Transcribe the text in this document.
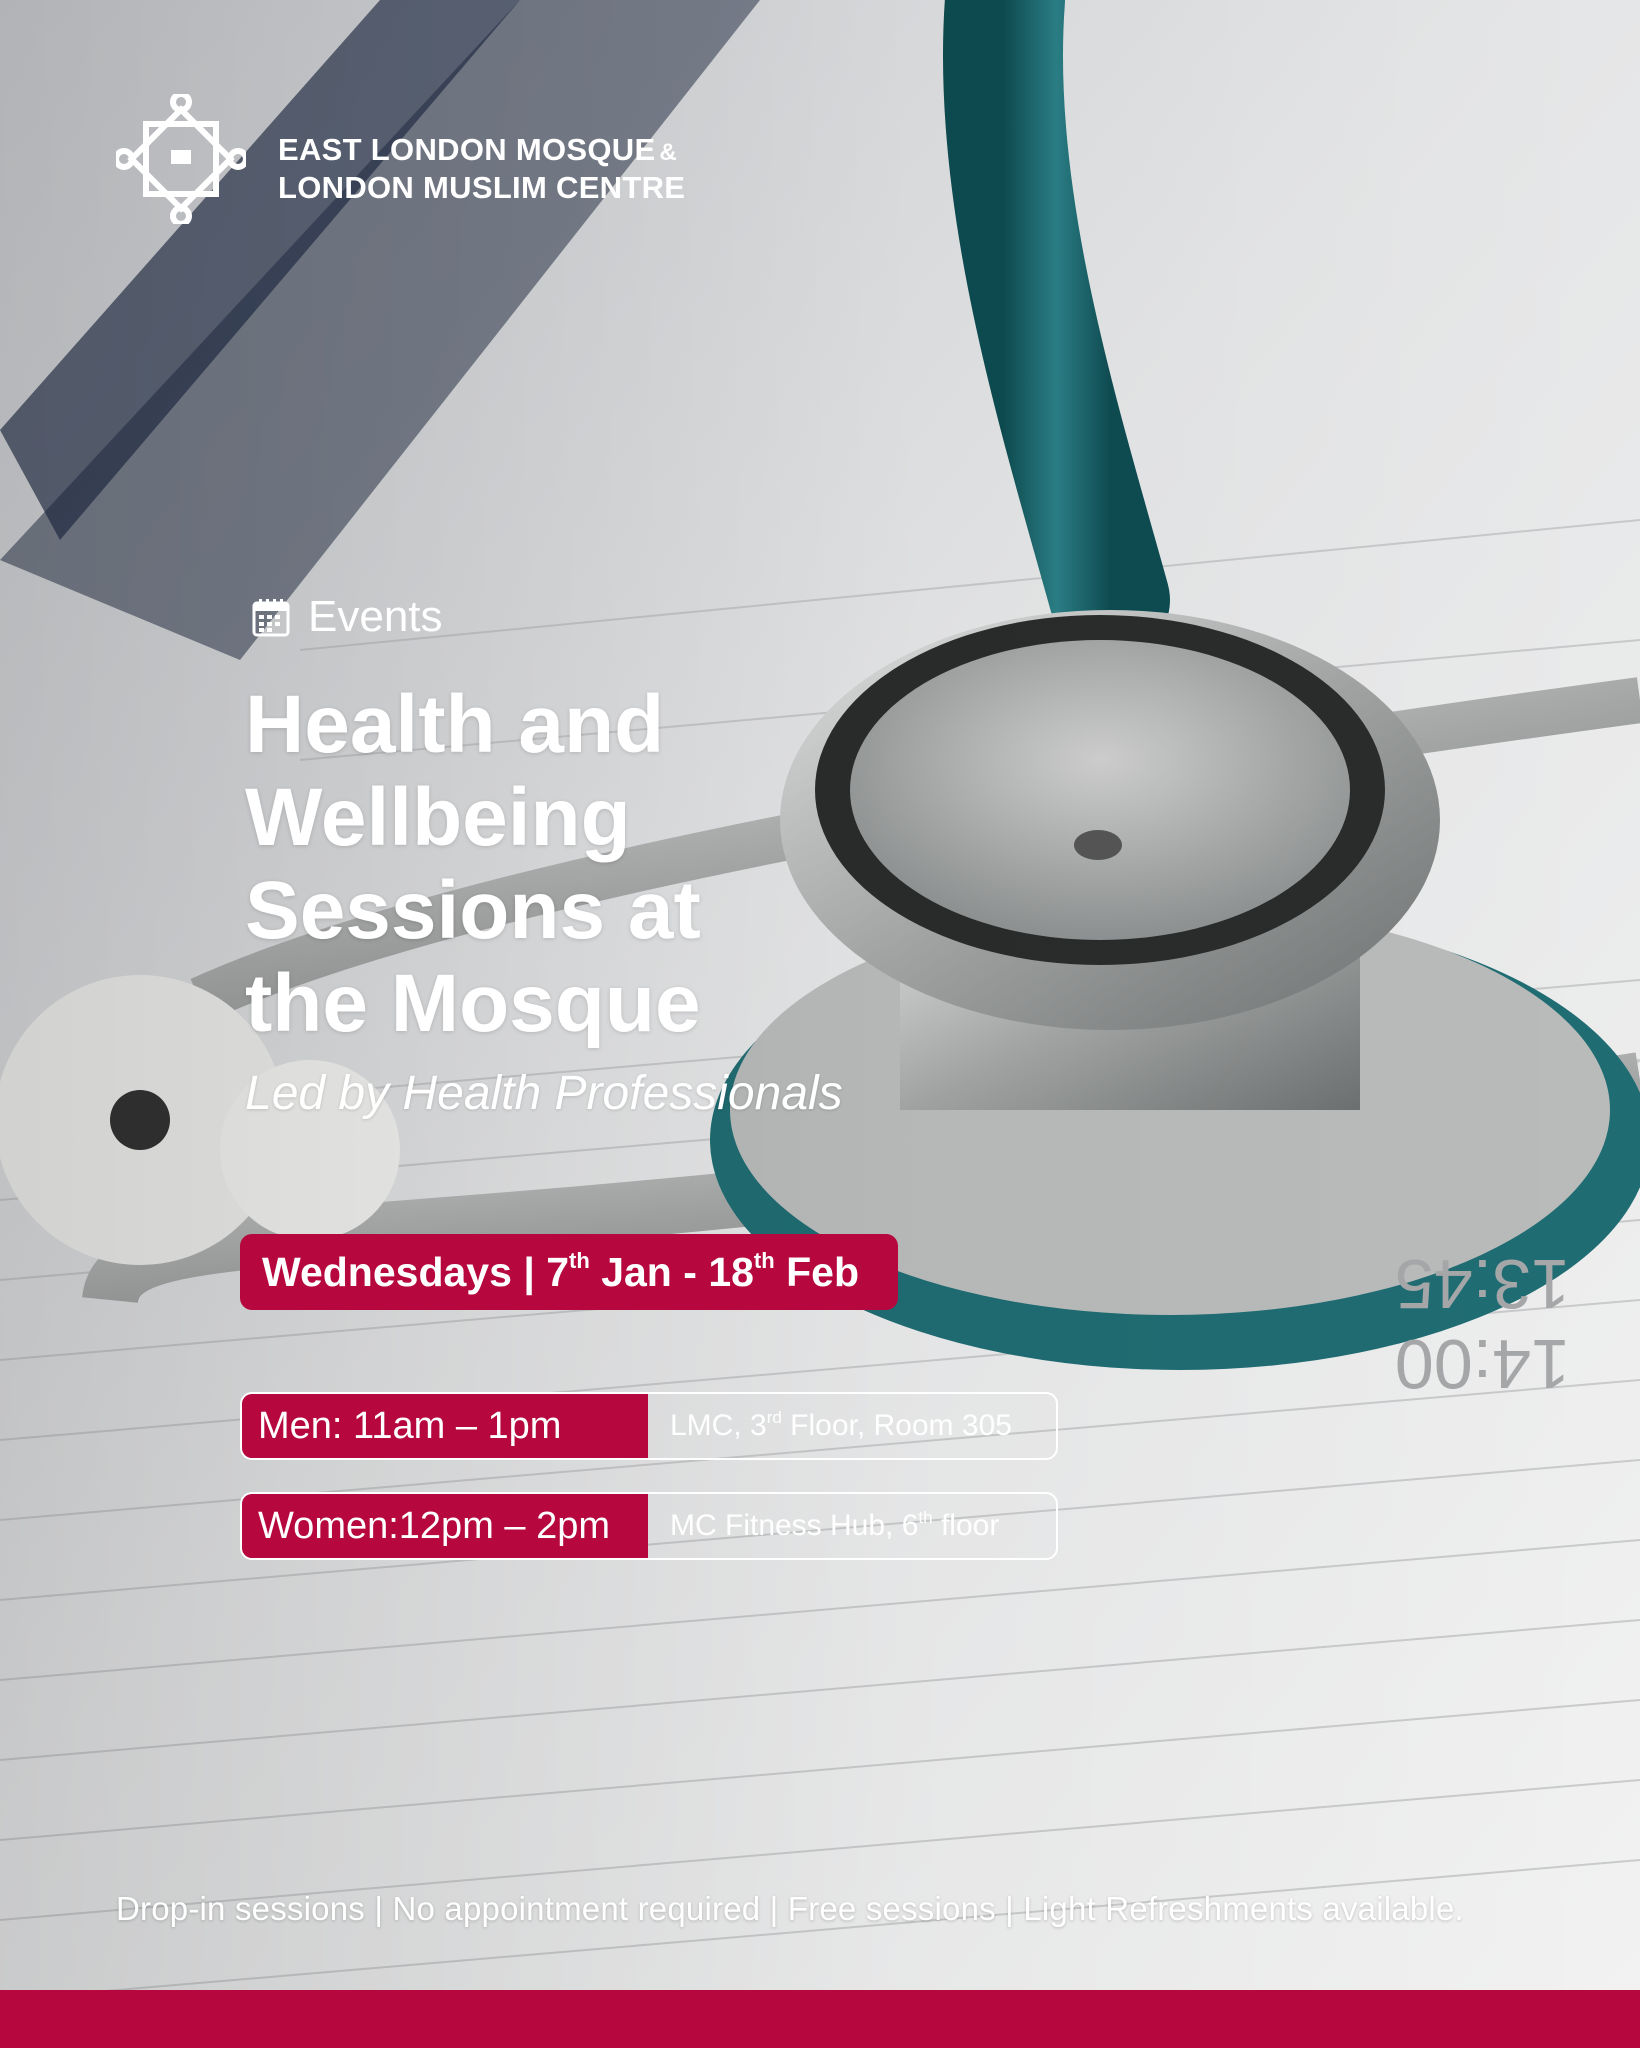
EAST LONDON MOSQUE &
LONDON MUSLIM CENTRE
Events
Health and Wellbeing Sessions at the Mosque
Led by Health Professionals
Wednesdays | 7th Jan - 18th Feb
Men: 11am – 1pm	LMC, 3rd Floor, Room 305
Women:12pm – 2pm	MC Fitness Hub, 6th floor
Drop-in sessions | No appointment required | Free sessions | Light Refreshments available.
